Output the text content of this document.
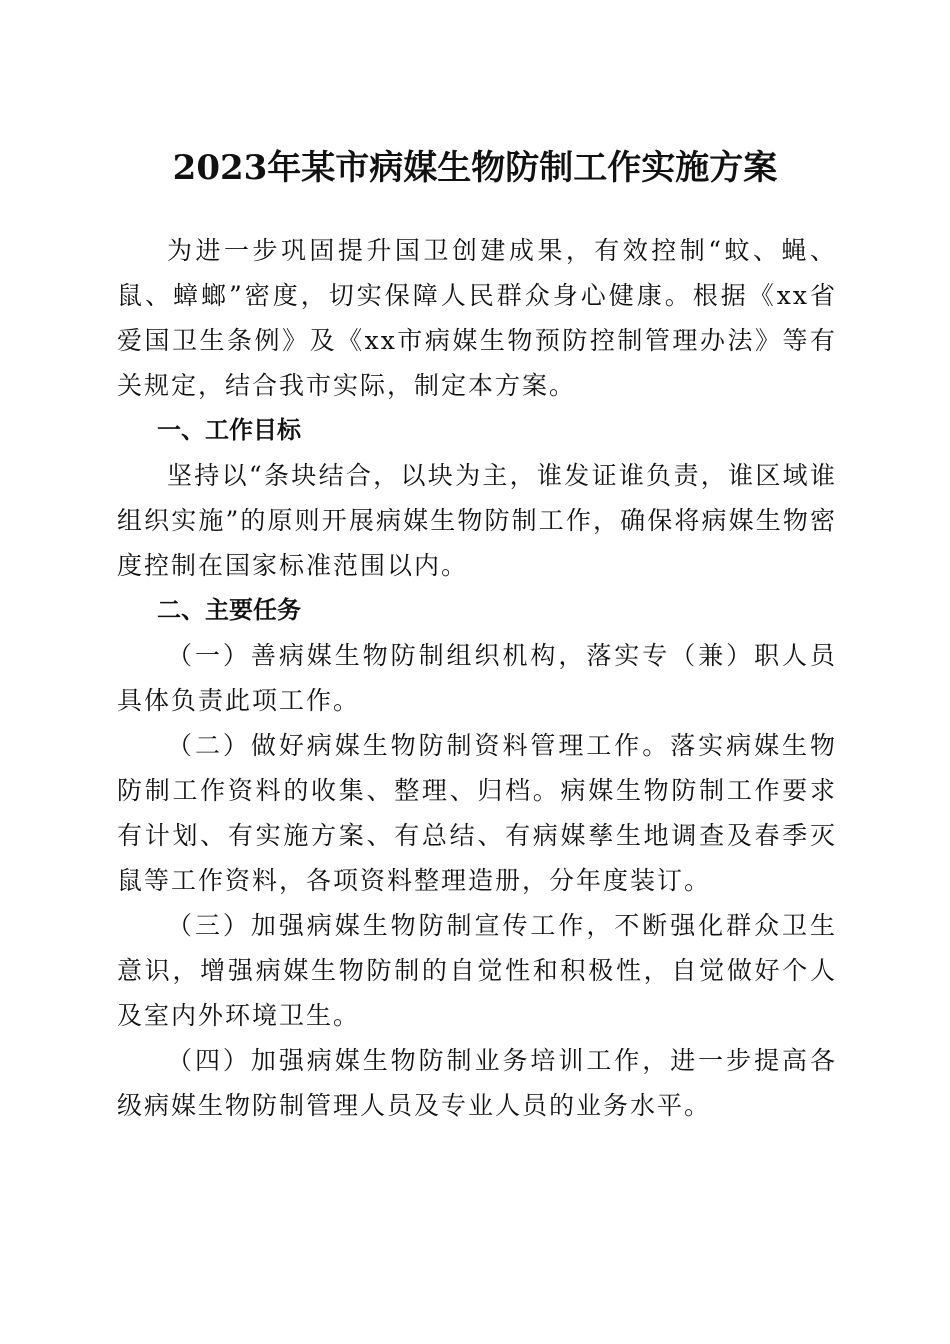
2023年某市病媒生物防制工作实施方案

为进一步巩固提升国卫创建成果，有效控制“蚊、蝇、鼠、蟑螂”密度，切实保障人民群众身心健康。根据《xx省爱国卫生条例》及《xx市病媒生物预防控制管理办法》等有关规定，结合我市实际，制定本方案。

一、工作目标

坚持以“条块结合，以块为主，谁发证谁负责，谁区域谁组织实施”的原则开展病媒生物防制工作，确保将病媒生物密度控制在国家标准范围以内。

二、主要任务

（一）善病媒生物防制组织机构，落实专（兼）职人员具体负责此项工作。

（二）做好病媒生物防制资料管理工作。落实病媒生物防制工作资料的收集、整理、归档。病媒生物防制工作要求有计划、有实施方案、有总结、有病媒孳生地调查及春季灭鼠等工作资料，各项资料整理造册，分年度装订。

（三）加强病媒生物防制宣传工作，不断强化群众卫生意识，增强病媒生物防制的自觉性和积极性，自觉做好个人及室内外环境卫生。

（四）加强病媒生物防制业务培训工作，进一步提高各级病媒生物防制管理人员及专业人员的业务水平。
